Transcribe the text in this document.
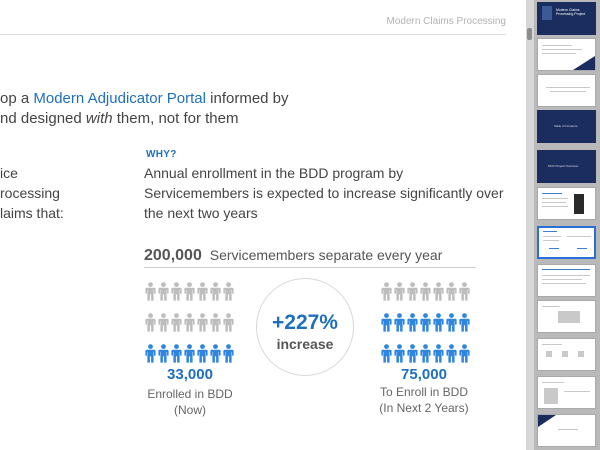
Modern Claims Processing
op a Modern Adjudicator Portal informed by
nd designed with them, not for them
ice
rocessing
laims that:
WHY?
Annual enrollment in the BDD program by Servicemembers is expected to increase significantly over the next two years
200,000 Servicemembers separate every year
+227%
increase
33,000
Enrolled in BDD
(Now)
75,000
To Enroll in BDD
(In Next 2 Years)
Modern Claims
Processing Project
Table of Contents
MCP Project Overview
